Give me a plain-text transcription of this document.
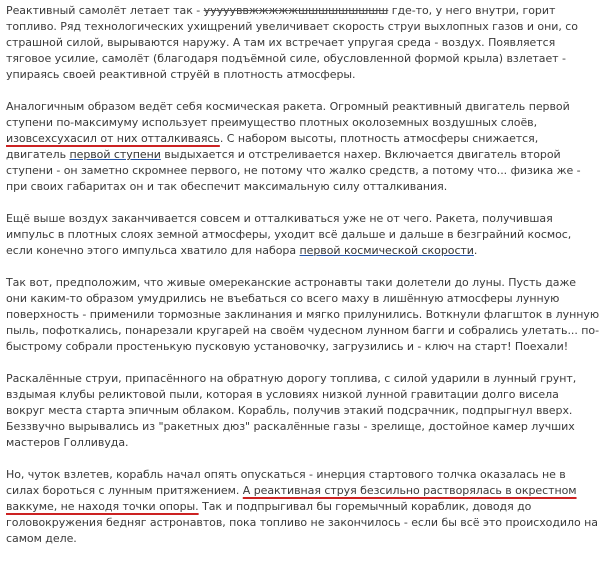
Реактивный самолёт летает так - уууууввжжжжжшшшшшшшшш где-то, у него внутри, горит топливо. Ряд технологических ухищрений увеличивает скорость струи выхлопных газов и они, со страшной силой, вырываются наружу. А там их встречает упругая среда - воздух. Появляется тяговое усилие, самолёт (благодаря подъёмной силе, обусловленной формой крыла) взлетает - упираясь своей реактивной струёй в плотность атмосферы.

Аналогичным образом ведёт себя космическая ракета. Огромный реактивный двигатель первой ступени по-максимуму использует преимущество плотных околоземных воздушных слоёв, изовсехсухасил от них отталкиваясь. С набором высоты, плотность атмосферы снижается, двигатель первой ступени выдыхается и отстреливается нахер. Включается двигатель второй ступени - он заметно скромнее первого, не потому что жалко средств, а потому что... физика же - при своих габаритах он и так обеспечит максимальную силу отталкивания.

Ещё выше воздух заканчивается совсем и отталкиваться уже не от чего. Ракета, получившая импульс в плотных слоях земной атмосферы, уходит всё дальше и дальше в безграйний космос, если конечно этого импульса хватило для набора первой космической скорости.

Так вот, предположим, что живые омереканские астронавты таки долетели до луны. Пусть даже они каким-то образом умудрились не въебаться со всего маху в лишённую атмосферы лунную поверхность - применили тормозные заклинания и мягко прилунились. Воткнули флагшток в лунную пыль, пофоткались, понарезали кругарей на своём чудесном лунном багги и собрались улетать... по-быстрому собрали простенькую пусковую установочку, загрузились и - ключ на старт! Поехали!

Раскалённые струи, припасённого на обратную дорогу топлива, с силой ударили в лунный грунт, вздымая клубы реликтовой пыли, которая в условиях низкой лунной гравитации долго висела вокруг места старта эпичным облаком. Корабль, получив этакий подсрачник, подпрыгнул вверх. Беззвучно вырывались из "ракетных дюз" раскалённые газы - зрелище, достойное камер лучших мастеров Голливуда.

Но, чуток взлетев, корабль начал опять опускаться - инерция стартового толчка оказалась не в силах бороться с лунным притяжением. А реактивная струя безсильно растворялась в окрестном ваккуме, не находя точки опоры. Так и подпрыгивал бы горемычный кораблик, доводя до головокружения бедняг астронавтов, пока топливо не закончилось - если бы всё это происходило на самом деле.
